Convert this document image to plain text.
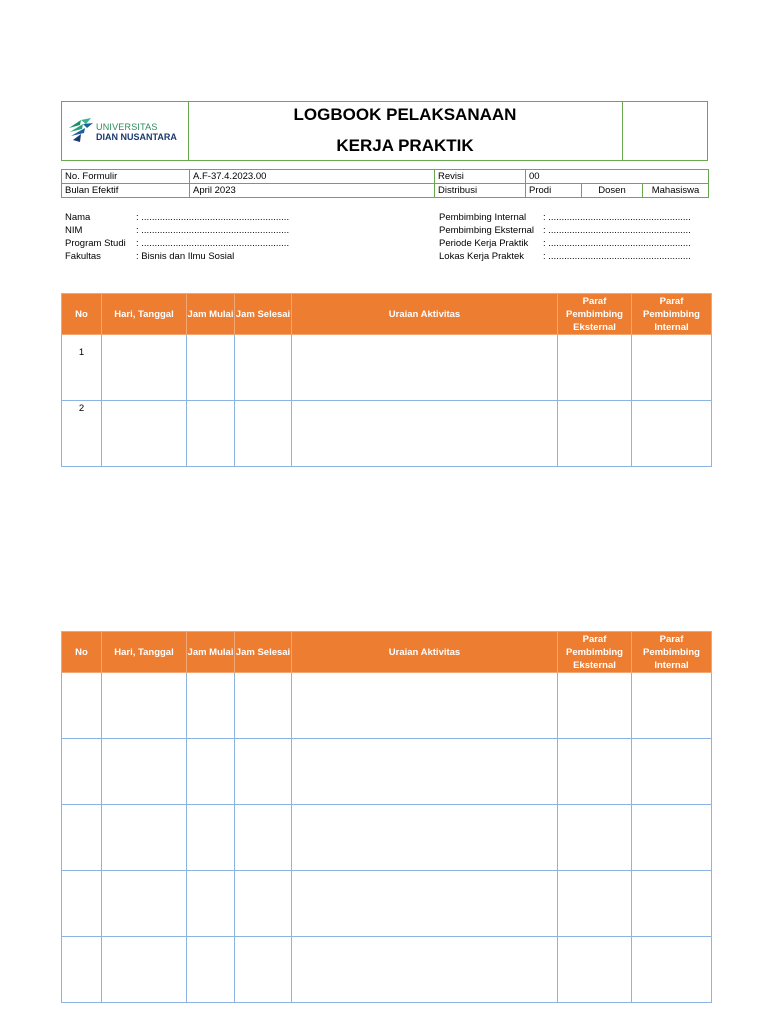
UNIVERSITAS
DIAN NUSANTARA
LOGBOOK PELAKSANAAN
KERJA PRAKTIK
No. Formulir	A.F-37.4.2023.00	Revisi	00		
Bulan Efektif	April 2023	Distribusi	Prodi	Dosen	Mahasiswa
Nama	: ........................................................
NIM	: ........................................................
Program Studi : ........................................................
Fakultas	: Bisnis dan Ilmu Sosial
Pembimbing Internal : ......................................................
Pembimbing Eksternal : ......................................................
Periode Kerja Praktik : ......................................................
Lokas Kerja Praktek : ......................................................
No	Hari, Tanggal	Jam Mulai	Jam Selesai	Uraian Aktivitas	Paraf Pembimbing Eksternal	Paraf Pembimbing Internal
1						
2						
No	Hari, Tanggal	Jam Mulai	Jam Selesai	Uraian Aktivitas	Paraf Pembimbing Eksternal	Paraf Pembimbing Internal
